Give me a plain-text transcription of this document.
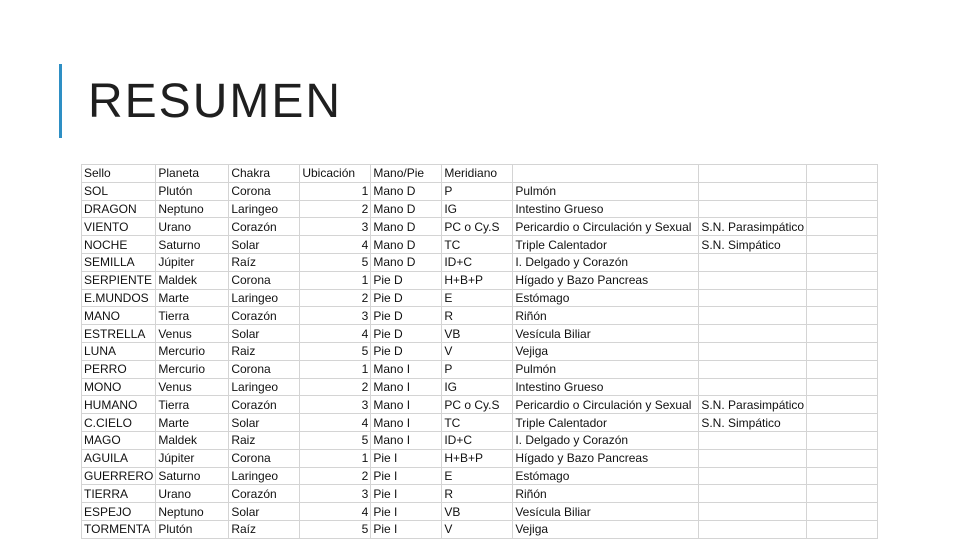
RESUMEN
Sello	Planeta	Chakra	Ubicación	Mano/Pie	Meridiano			
SOL	Plutón	Corona	1	Mano D	P	Pulmón		
DRAGON	Neptuno	Laringeo	2	Mano D	IG	Intestino Grueso		
VIENTO	Urano	Corazón	3	Mano D	PC o Cy.S	Pericardio o Circulación y Sexual	S.N. Parasimpático	
NOCHE	Saturno	Solar	4	Mano D	TC	Triple Calentador	S.N. Simpático	
SEMILLA	Júpiter	Raíz	5	Mano D	ID+C	I. Delgado y Corazón		
SERPIENTE	Maldek	Corona	1	Pie D	H+B+P	Hígado y Bazo Pancreas		
E.MUNDOS	Marte	Laringeo	2	Pie D	E	Estómago		
MANO	Tierra	Corazón	3	Pie D	R	Riñón		
ESTRELLA	Venus	Solar	4	Pie D	VB	Vesícula Biliar		
LUNA	Mercurio	Raiz	5	Pie D	V	Vejiga		
PERRO	Mercurio	Corona	1	Mano I	P	Pulmón		
MONO	Venus	Laringeo	2	Mano I	IG	Intestino Grueso		
HUMANO	Tierra	Corazón	3	Mano I	PC o Cy.S	Pericardio o Circulación y Sexual	S.N. Parasimpático	
C.CIELO	Marte	Solar	4	Mano I	TC	Triple Calentador	S.N. Simpático	
MAGO	Maldek	Raiz	5	Mano I	ID+C	I. Delgado y Corazón		
AGUILA	Júpiter	Corona	1	Pie I	H+B+P	Hígado y Bazo Pancreas		
GUERRERO	Saturno	Laringeo	2	Pie I	E	Estómago		
TIERRA	Urano	Corazón	3	Pie I	R	Riñón		
ESPEJO	Neptuno	Solar	4	Pie I	VB	Vesícula Biliar		
TORMENTA	Plutón	Raíz	5	Pie I	V	Vejiga		
